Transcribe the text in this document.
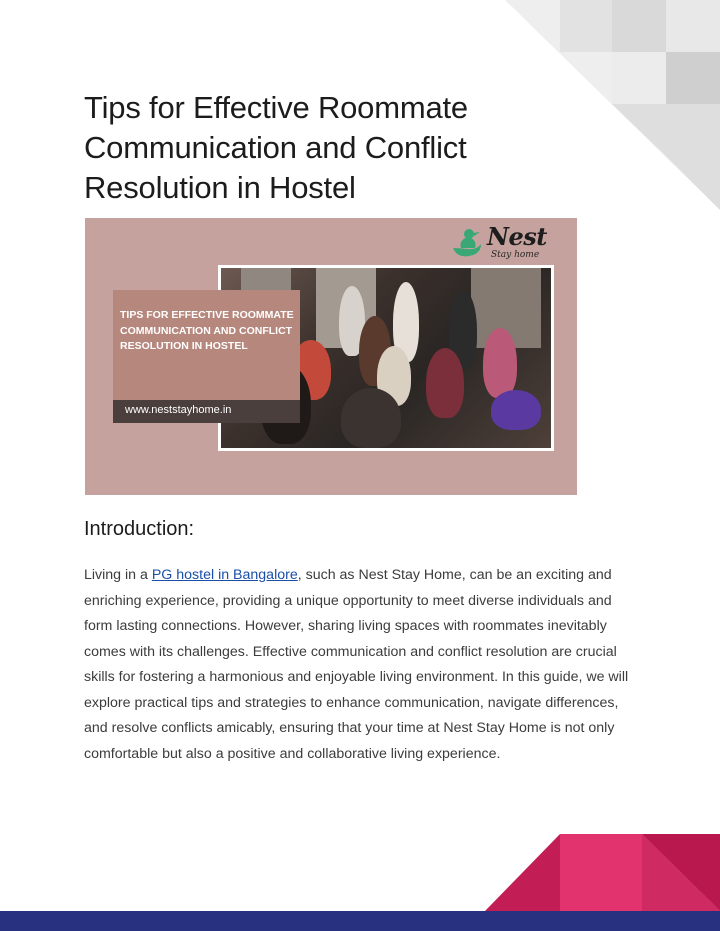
Tips for Effective Roommate Communication and Conflict Resolution in Hostel
Nest
Stay home

TIPS FOR EFFECTIVE ROOMMATE COMMUNICATION AND CONFLICT RESOLUTION IN HOSTEL

www.neststayhome.in
Introduction:

Living in a PG hostel in Bangalore, such as Nest Stay Home, can be an exciting and enriching experience, providing a unique opportunity to meet diverse individuals and form lasting connections. However, sharing living spaces with roommates inevitably comes with its challenges. Effective communication and conflict resolution are crucial skills for fostering a harmonious and enjoyable living environment. In this guide, we will explore practical tips and strategies to enhance communication, navigate differences, and resolve conflicts amicably, ensuring that your time at Nest Stay Home is not only comfortable but also a positive and collaborative living experience.
